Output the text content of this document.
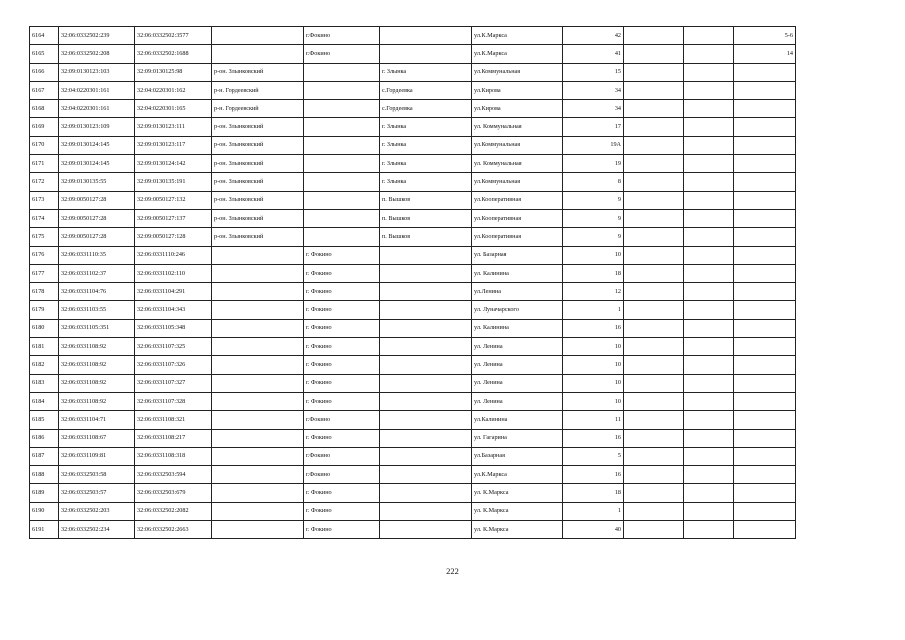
6164	32:06:0332502:239	32:06:0332502:3577		г.Фокино		ул.К.Маркса	42			5-6
6165	32:06:0332502:208	32:06:0332502:1688		г.Фокино		ул.К.Маркса	41			14
6166	32:09:0130123:103	32:09:0130125:98	р-он. Злынковский		г. Злынка	ул.Коммунальная	15			
6167	32:04:0220301:161	32:04:0220301:162	р-н. Гордеевский		с.Гордеевка	ул.Кирова	34			
6168	32:04:0220301:161	32:04:0220301:165	р-н. Гордеевский		с.Гордеевка	ул.Кирова	34			
6169	32:09:0130123:109	32:09:0130123:111	р-он. Злынковский		г. Злынка	ул. Коммунальная	17			
6170	32:09:0130124:145	32:09:0130123:117	р-он. Злынковский		г. Злынка	ул.Коммунальная	19А			
6171	32:09:0130124:145	32:09:0130124:142	р-он. Злынковский		г. Злынка	ул. Коммунальная	19			
6172	32:09:0130135:55	32:09:0130135:191	р-он. Злынковский		г. Злынка	ул.Коммунальная	8			
6173	32:09:0050127:28	32:09:0050127:132	р-он. Злынковский		п. Вышков	ул.Кооперативная	9			
6174	32:09:0050127:28	32:09:0050127:137	р-он. Злынковский		п. Вышков	ул.Кооперативная	9			
6175	32:09:0050127:28	32:09:0050127:128	р-он. Злынковский		п. Вышков	ул.Кооперативная	9			
6176	32:06:0331110:35	32:06:0331110:246		г. Фокино		ул. Базарная	10			
6177	32:06:0331102:37	32:06:0331102:110		г. Фокино		ул. Калинина	18			
6178	32:06:0331104:76	32:06:0331104:291		г. Фокино		ул.Ленина	12			
6179	32:06:0331103:55	32:06:0331104:343		г. Фокино		ул. Луначарского	1			
6180	32:06:0331105:351	32:06:0331105:348		г. Фокино		ул. Калинина	16			
6181	32:06:0331108:92	32:06:0331107:325		г. Фокино		ул. Ленина	10			
6182	32:06:0331108:92	32:06:0331107:326		г. Фокино		ул. Ленина	10			
6183	32:06:0331108:92	32:06:0331107:327		г. Фокино		ул. Ленина	10			
6184	32:06:0331108:92	32:06:0331107:328		г. Фокино		ул. Ленина	10			
6185	32:06:0331104:71	32:06:0331108:321		г.Фокино		ул.Калинина	11			
6186	32:06:0331108:67	32:06:0331108:217		г. Фокино		ул. Гагарина	16			
6187	32:06:0331109:81	32:06:0331108:318		г.Фокино		ул.Базарная	5			
6188	32:06:0332503:58	32:06:0332503:594		г.Фокино		ул.К.Маркса	16			
6189	32:06:0332503:57	32:06:0332503:679		г. Фокино		ул. К.Маркса	18			
6190	32:06:0332502:203	32:06:0332502:2082		г. Фокино		ул. К.Маркса	1			
6191	32:06:0332502:234	32:06:0332502:2663		г. Фокино		ул. К.Маркса	40			
222
